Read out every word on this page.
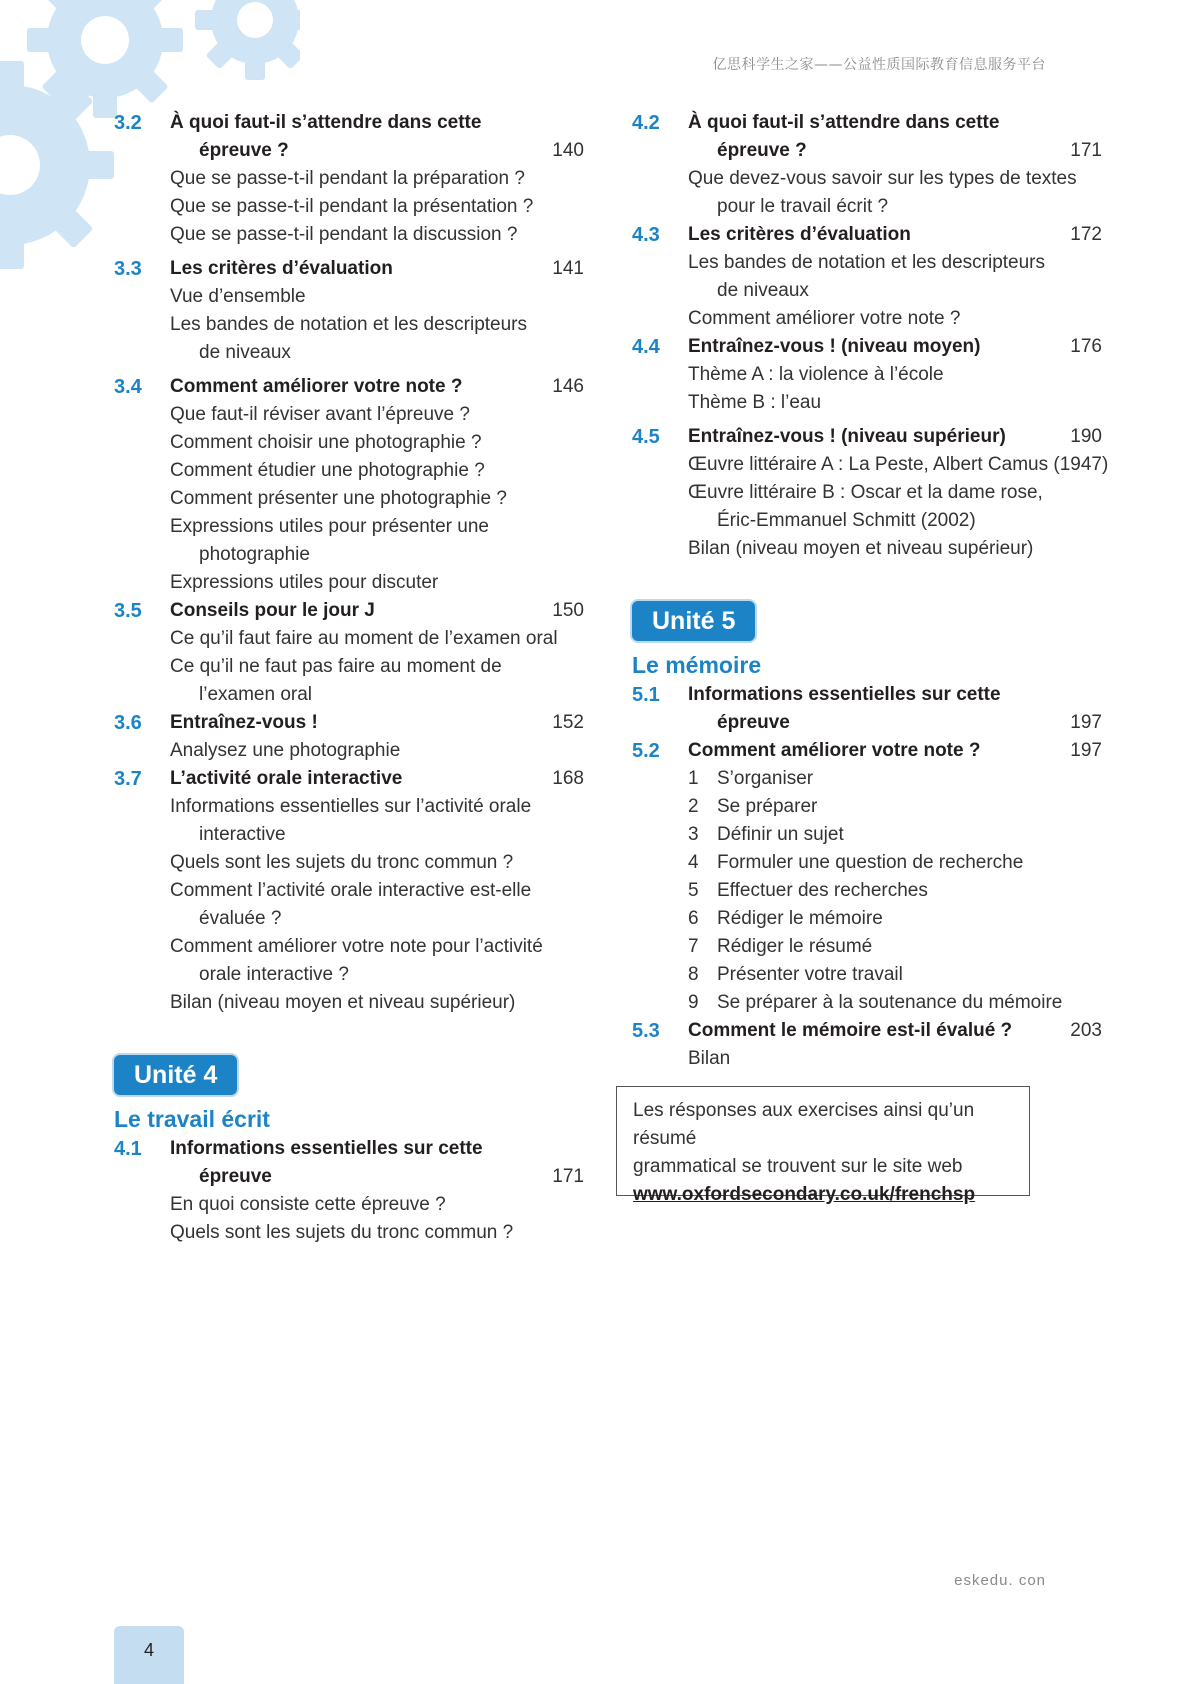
亿思科学生之家——公益性质国际教育信息服务平台
3.2	À quoi faut-il s’attendre dans cette
épreuve ?	140
Que se passe-t-il pendant la préparation ?
Que se passe-t-il pendant la présentation ?
Que se passe-t-il pendant la discussion ?
3.3	Les critères d’évaluation	141
Vue d’ensemble
Les bandes de notation et les descripteurs
de niveaux
3.4	Comment améliorer votre note ?	146
Que faut-il réviser avant l’épreuve ?
Comment choisir une photographie ?
Comment étudier une photographie ?
Comment présenter une photographie ?
Expressions utiles pour présenter une
photographie
Expressions utiles pour discuter
3.5	Conseils pour le jour J	150
Ce qu’il faut faire au moment de l’examen oral
Ce qu’il ne faut pas faire au moment de
l’examen oral
3.6	Entraînez-vous !	152
Analysez une photographie
3.7	L’activité orale interactive	168
Informations essentielles sur l’activité orale
interactive
Quels sont les sujets du tronc commun ?
Comment l’activité orale interactive est-elle
évaluée ?
Comment améliorer votre note pour l’activité
orale interactive ?
Bilan (niveau moyen et niveau supérieur)
Unité 4
Le travail écrit
4.1	Informations essentielles sur cette
épreuve	171
En quoi consiste cette épreuve ?
Quels sont les sujets du tronc commun ?
4.2	À quoi faut-il s’attendre dans cette
épreuve ?	171
Que devez-vous savoir sur les types de textes
pour le travail écrit ?
4.3	Les critères d’évaluation	172
Les bandes de notation et les descripteurs
de niveaux
Comment améliorer votre note ?
4.4	Entraînez-vous ! (niveau moyen)	176
Thème A : la violence à l’école
Thème B : l’eau
4.5	Entraînez-vous ! (niveau supérieur)	190
Œuvre littéraire A : La Peste, Albert Camus (1947)
Œuvre littéraire B : Oscar et la dame rose,
Éric-Emmanuel Schmitt (2002)
Bilan (niveau moyen et niveau supérieur)
Unité 5
Le mémoire
5.1	Informations essentielles sur cette
épreuve	197
5.2	Comment améliorer votre note ?	197
1 S’organiser
2 Se préparer
3 Définir un sujet
4 Formuler une question de recherche
5 Effectuer des recherches
6 Rédiger le mémoire
7 Rédiger le résumé
8 Présenter votre travail
9 Se préparer à la soutenance du mémoire
5.3	Comment le mémoire est-il évalué ?	203
Bilan
Les résponses aux exercises ainsi qu’un résumé
grammatical se trouvent sur le site web
www.oxfordsecondary.co.uk/frenchsp
eskedu. con
4
